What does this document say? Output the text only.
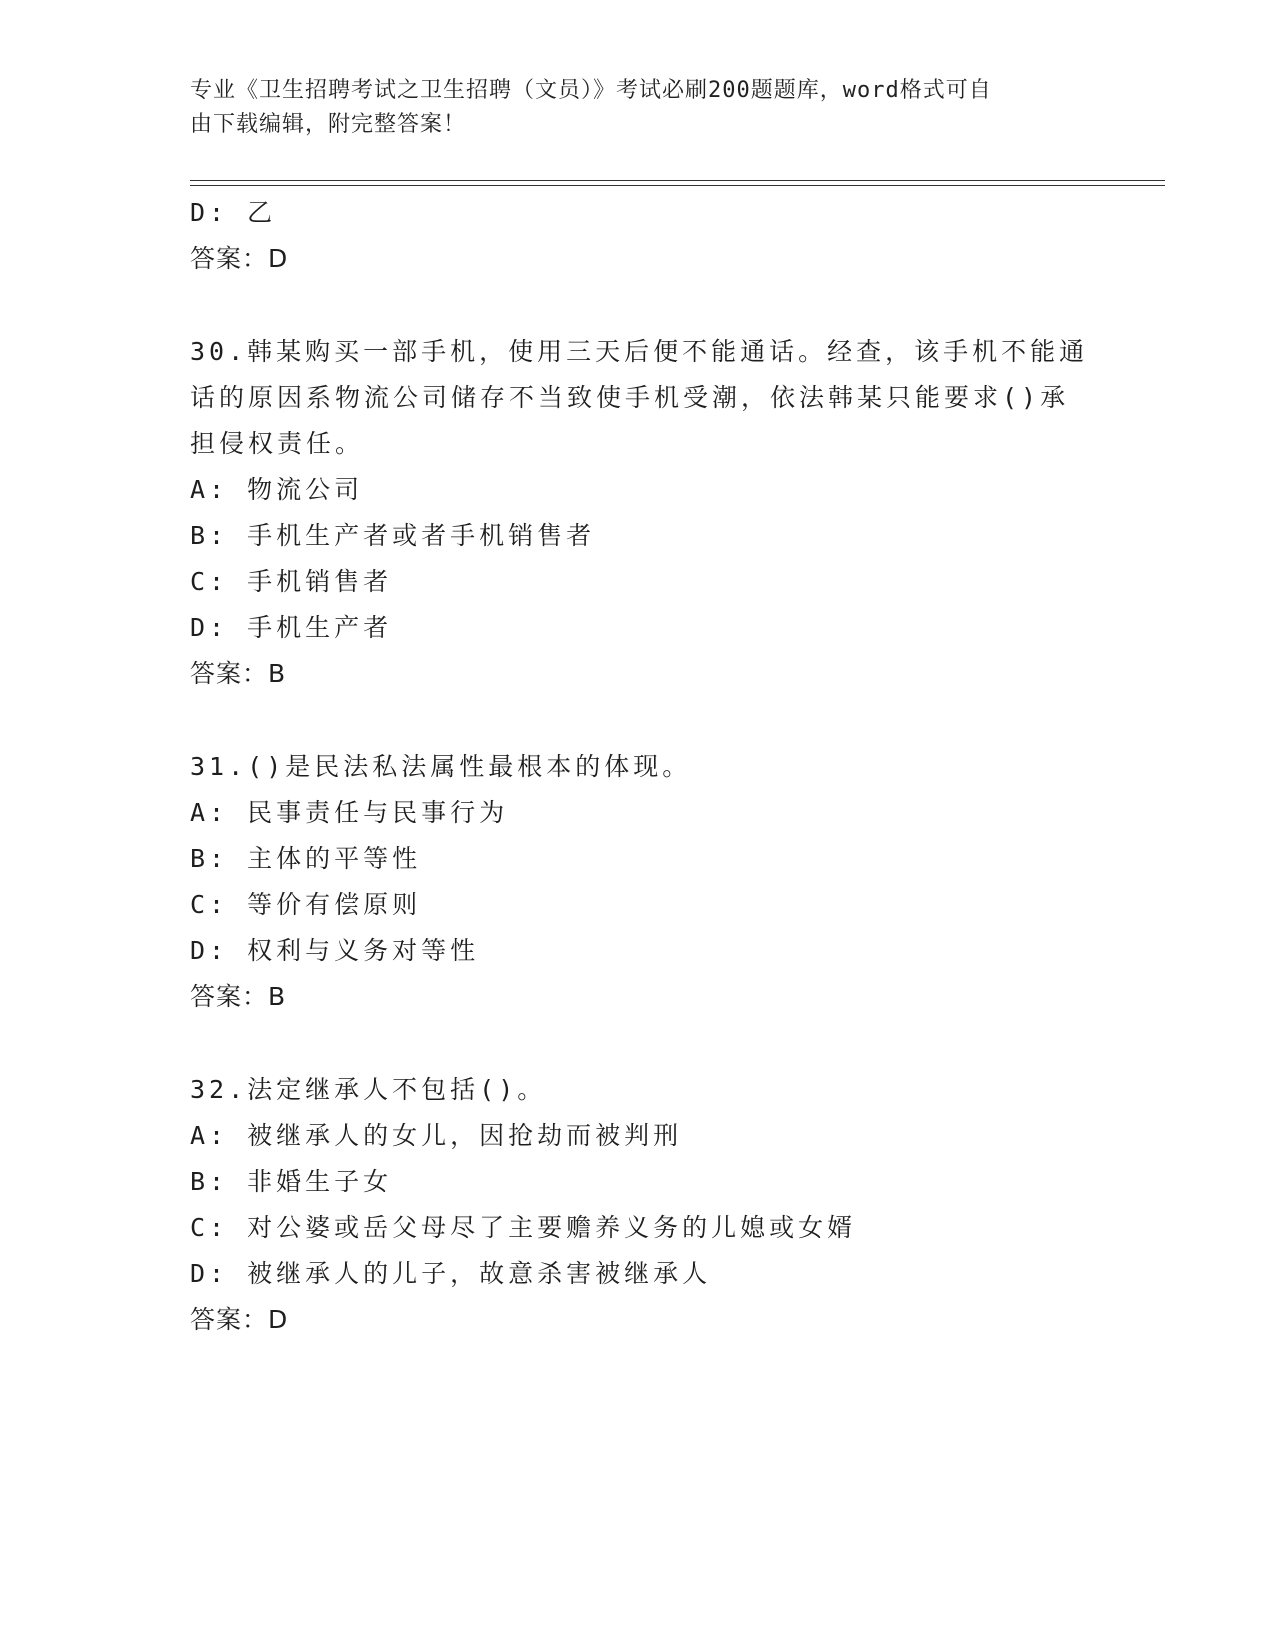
专业《卫生招聘考试之卫生招聘（文员）》考试必刷200题题库，word格式可自
由下载编辑，附完整答案！
D: 乙
答案：D
30.韩某购买一部手机，使用三天后便不能通话。经查，该手机不能通
话的原因系物流公司储存不当致使手机受潮，依法韩某只能要求()承
担侵权责任。
A: 物流公司
B: 手机生产者或者手机销售者
C: 手机销售者
D: 手机生产者
答案：B
31.()是民法私法属性最根本的体现。
A: 民事责任与民事行为
B: 主体的平等性
C: 等价有偿原则
D: 权利与义务对等性
答案：B
32.法定继承人不包括()。
A: 被继承人的女儿，因抢劫而被判刑
B: 非婚生子女
C: 对公婆或岳父母尽了主要赡养义务的儿媳或女婿
D: 被继承人的儿子，故意杀害被继承人
答案：D
